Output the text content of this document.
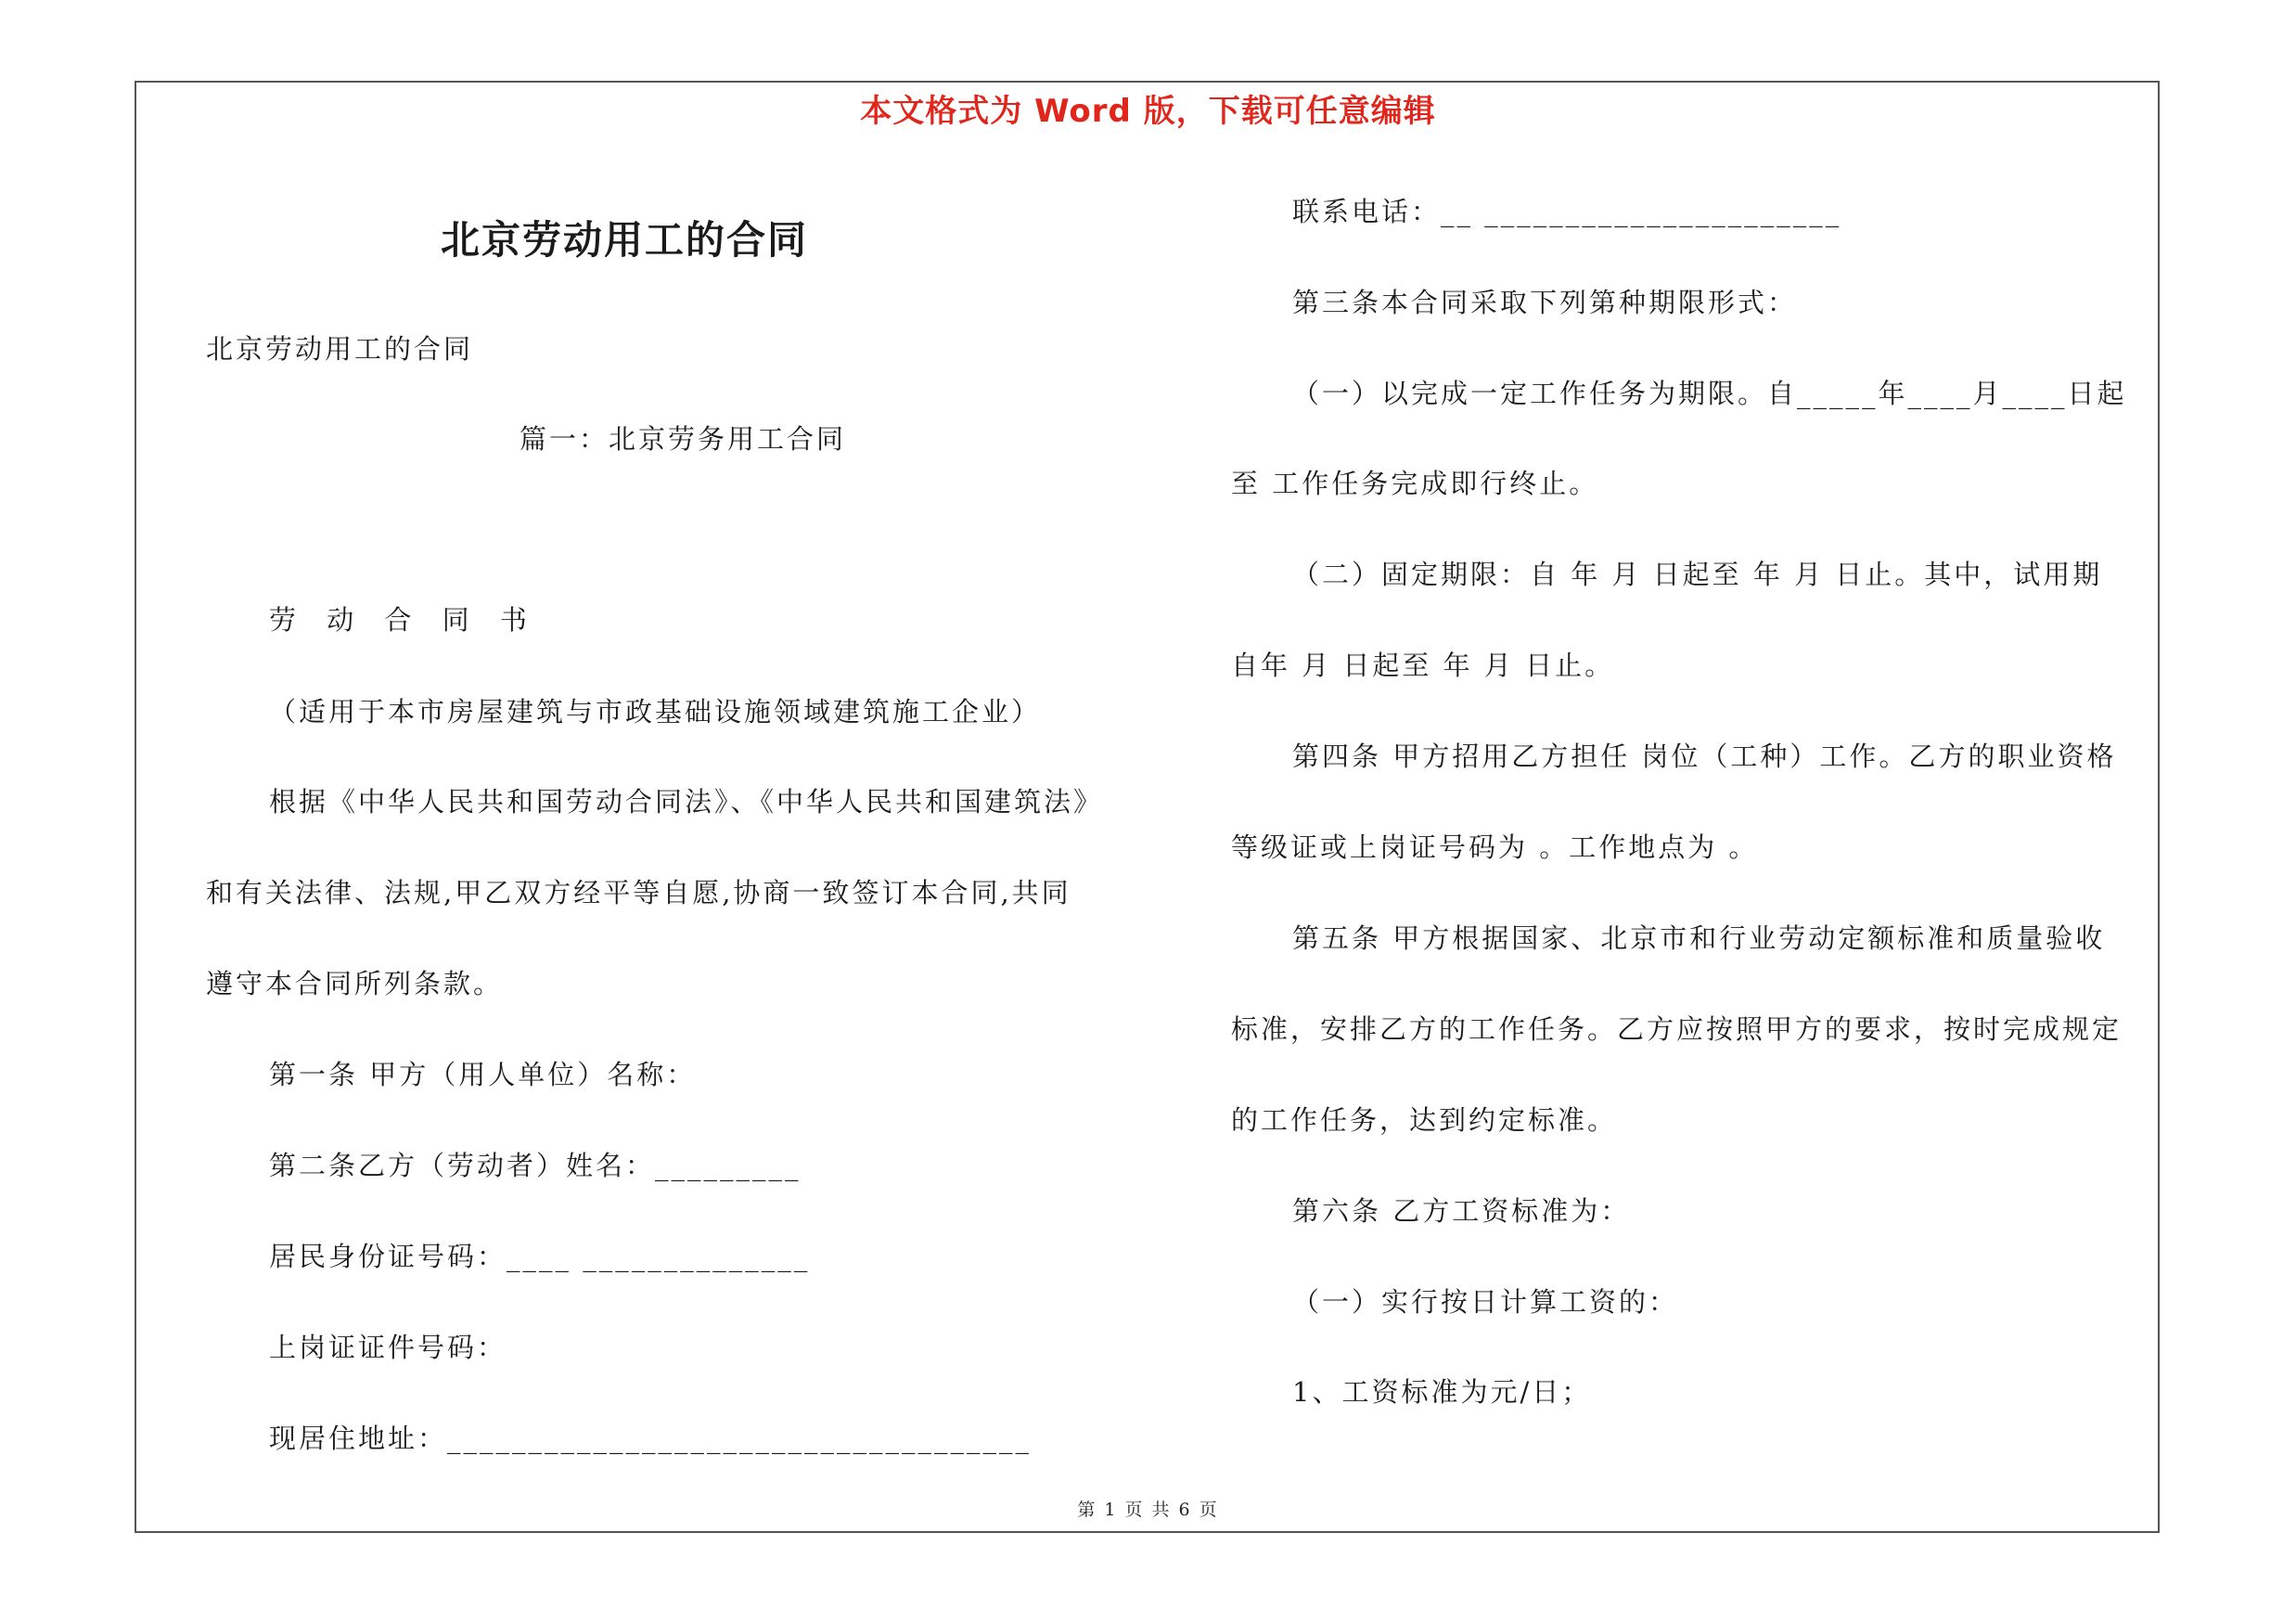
本文格式为 Word 版，下载可任意编辑
北京劳动用工的合同
北京劳动用工的合同
篇一：北京劳务用工合同
劳 动 合 同 书
（适用于本市房屋建筑与市政基础设施领域建筑施工企业）
根据《中华人民共和国劳动合同法》、《中华人民共和国建筑法》
和有关法律、法规,甲乙双方经平等自愿,协商一致签订本合同,共同
遵守本合同所列条款。
第一条 甲方（用人单位）名称：
第二条乙方（劳动者）姓名：_________
居民身份证号码：____ ______________
上岗证证件号码：
现居住地址：____________________________________
联系电话：__ ______________________
第三条本合同采取下列第种期限形式：
（一）以完成一定工作任务为期限。自_____年____月____日起
至 工作任务完成即行终止。
（二）固定期限：自 年 月 日起至 年 月 日止。其中，试用期
自年 月 日起至 年 月 日止。
第四条 甲方招用乙方担任 岗位（工种）工作。乙方的职业资格
等级证或上岗证号码为 。工作地点为 。
第五条 甲方根据国家、北京市和行业劳动定额标准和质量验收
标准，安排乙方的工作任务。乙方应按照甲方的要求，按时完成规定
的工作任务，达到约定标准。
第六条 乙方工资标准为：
（一）实行按日计算工资的：
1、工资标准为元/日；
第 1 页 共 6 页
